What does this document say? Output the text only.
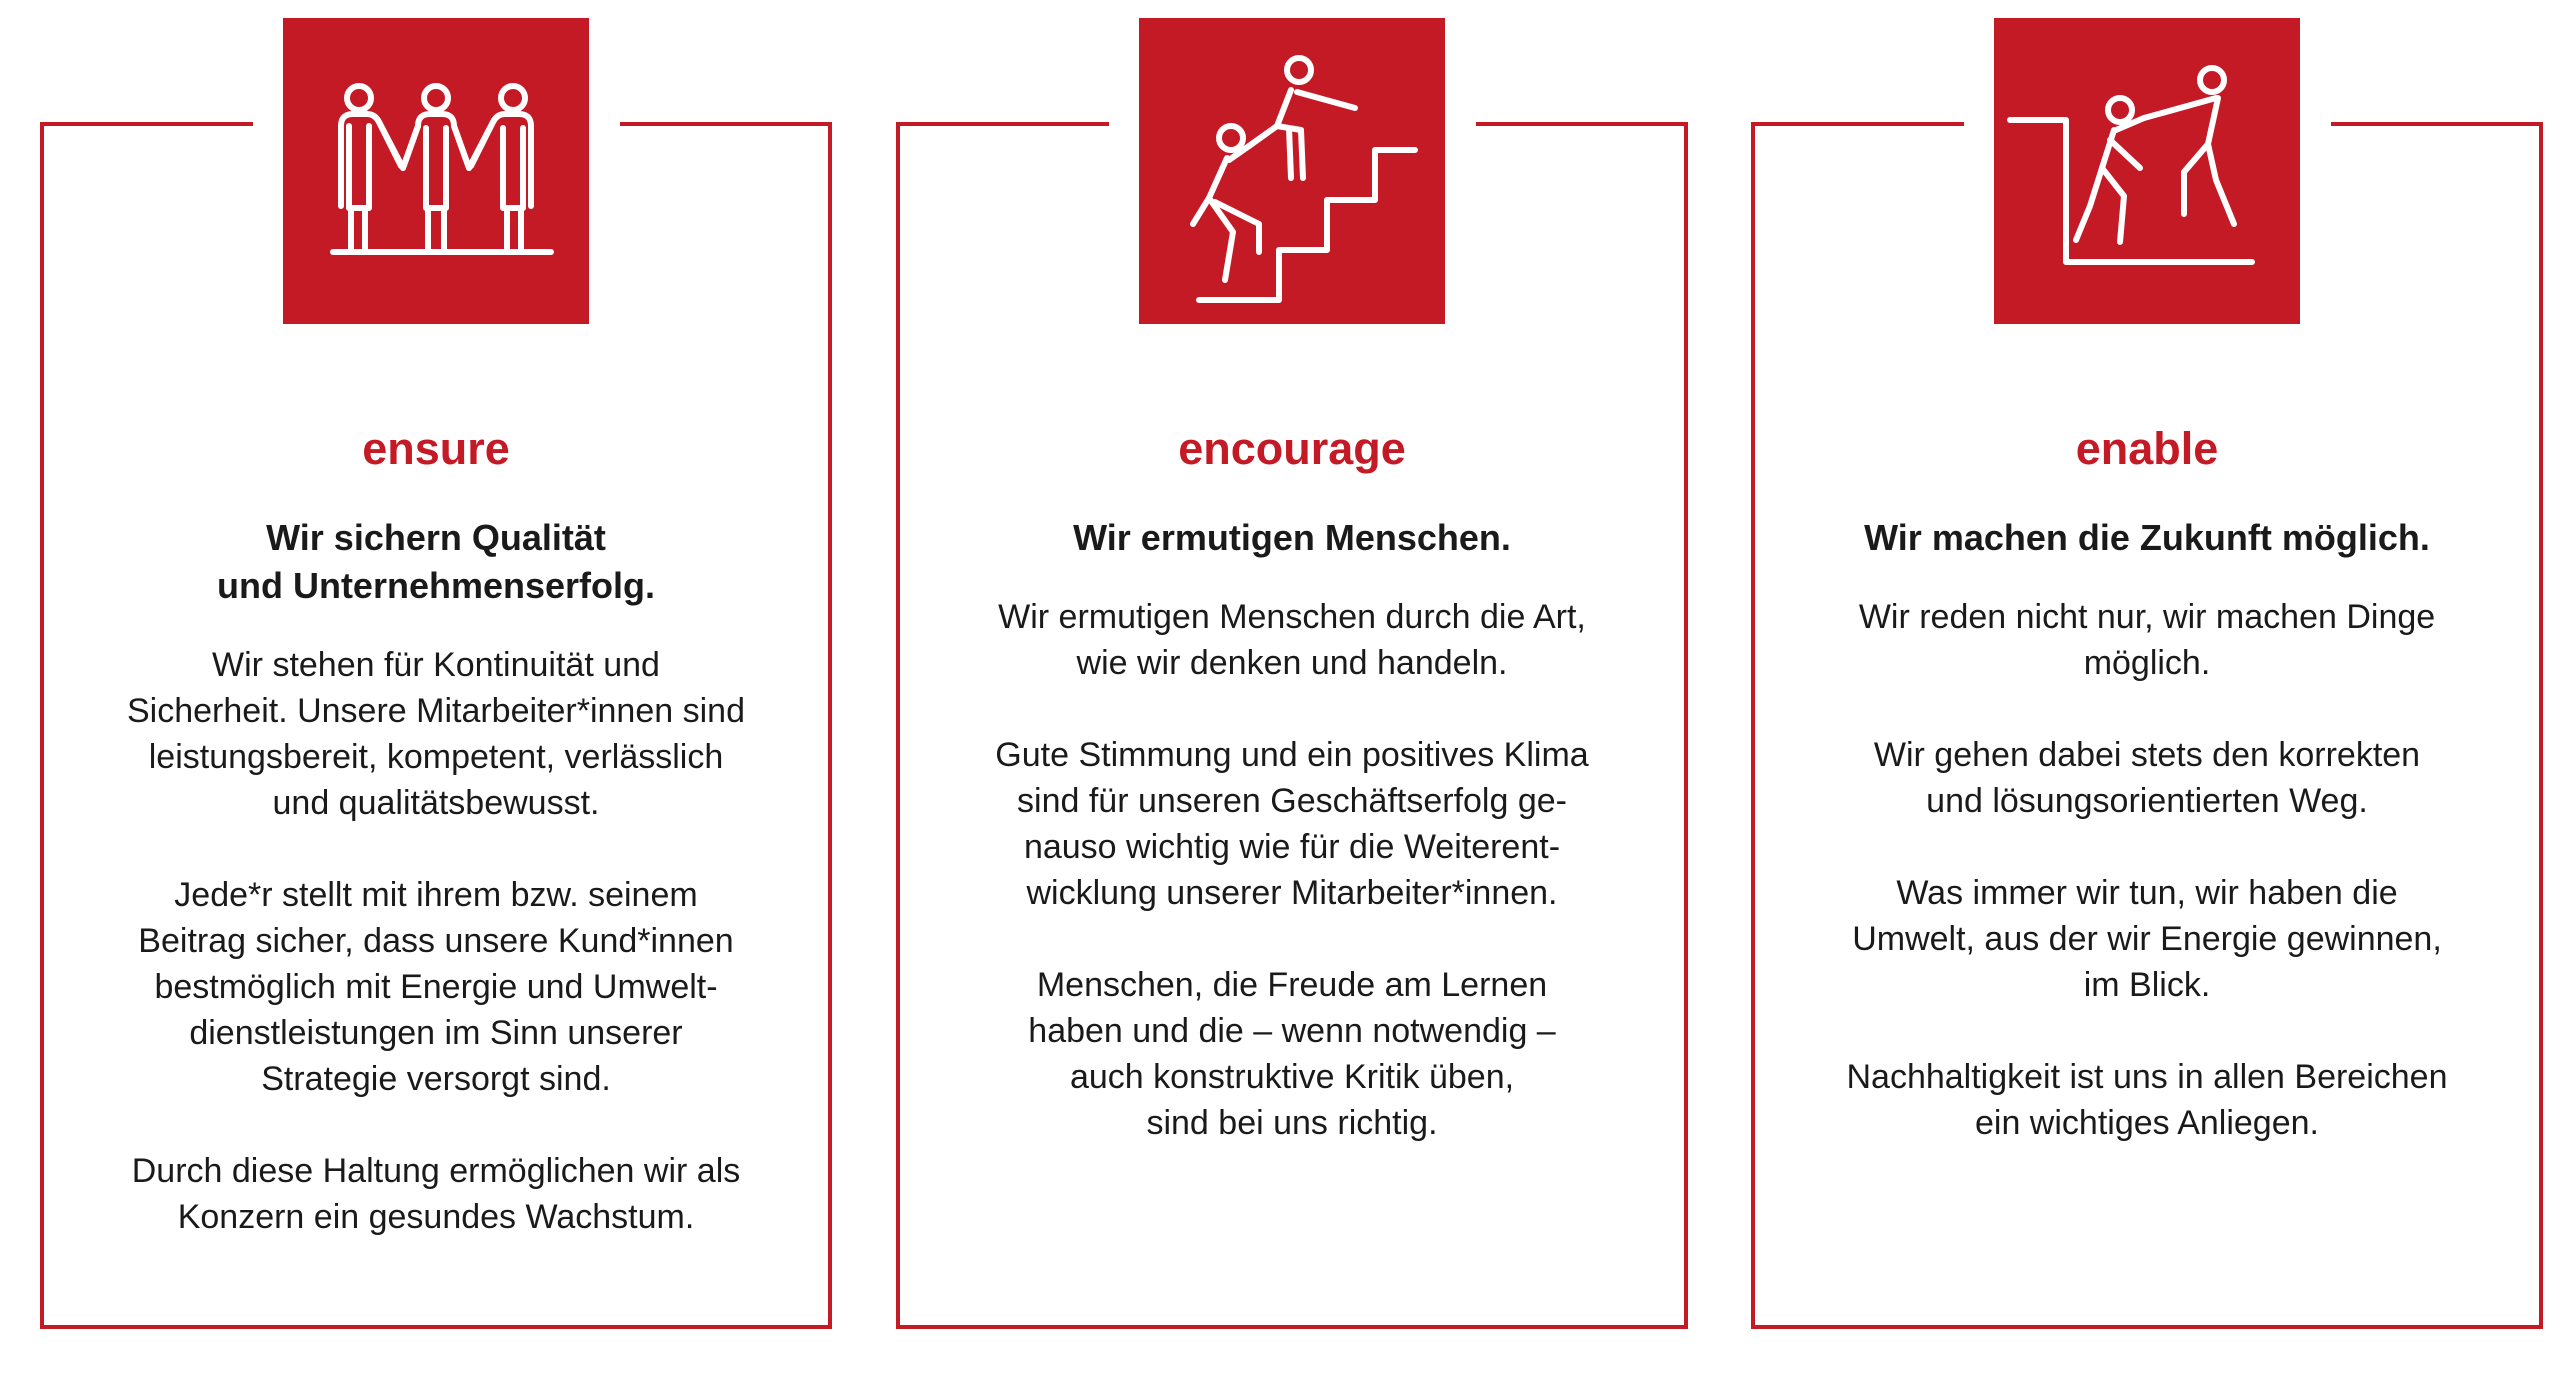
ensure

Wir sichern Qualität
und Unternehmenserfolg.

Wir stehen für Kontinuität und
Sicherheit. Unsere Mitarbeiter*innen sind
leistungsbereit, kompetent, verlässlich
und qualitätsbewusst.

Jede*r stellt mit ihrem bzw. seinem
Beitrag sicher, dass unsere Kund*innen
bestmöglich mit Energie und Umwelt-
dienstleistungen im Sinn unserer
Strategie versorgt sind.

Durch diese Haltung ermöglichen wir als
Konzern ein gesundes Wachstum.

encourage

Wir ermutigen Menschen.

Wir ermutigen Menschen durch die Art,
wie wir denken und handeln.

Gute Stimmung und ein positives Klima
sind für unseren Geschäftserfolg ge-
nauso wichtig wie für die Weiterent-
wicklung unserer Mitarbeiter*innen.

Menschen, die Freude am Lernen
haben und die – wenn notwendig –
auch konstruktive Kritik üben,
sind bei uns richtig.

enable

Wir machen die Zukunft möglich.

Wir reden nicht nur, wir machen Dinge
möglich.

Wir gehen dabei stets den korrekten
und lösungsorientierten Weg.

Was immer wir tun, wir haben die
Umwelt, aus der wir Energie gewinnen,
im Blick.

Nachhaltigkeit ist uns in allen Bereichen
ein wichtiges Anliegen.
